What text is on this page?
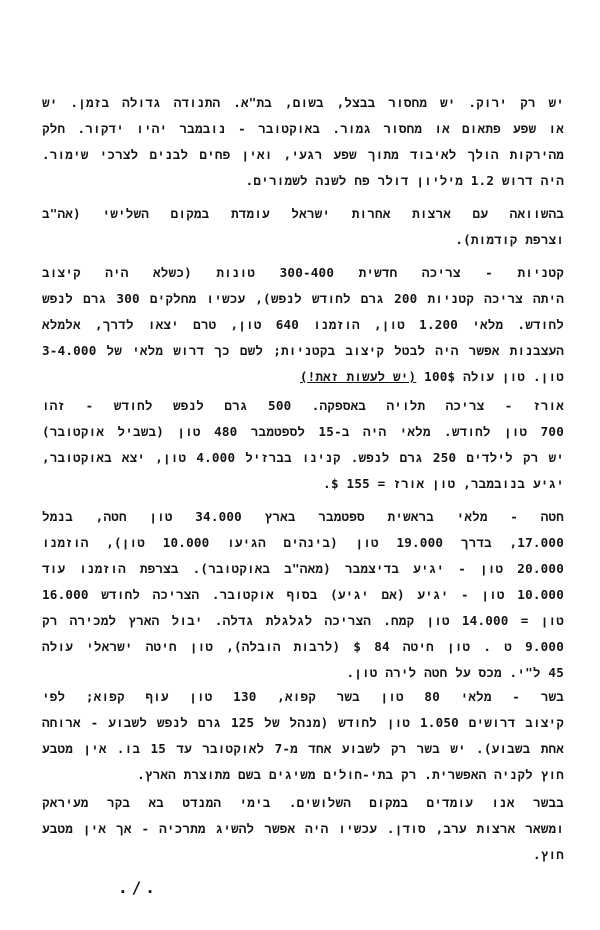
יש רק ירוק. יש מחסור בבצל, בשום, בת"א. התנודה גדולה בזמן. יש
או שפע פתאום או מחסור גמור. באוקטובר - נובמבר יהיו ידקור. חלק
מהירקות הולך לאיבוד מתוך שפע רגעי, ואין פחים לבנים לצרכי שימור.
היה דרוש 1.2 מיליון דולר פח לשנה לשמורים.
בהשוואה עם ארצות אחרות ישראל עומדת במקום השלישי (אה"ב
וצרפת קודמות).
קטניות - צריכה חדשית 300-400 טונות (כשלא היה קיצוב
היתה צריכה קטניות 200 גרם לחודש לנפש), עכשיו מחלקים 300 גרם לנפש
לחודש. מלאי 1.200 טון, הוזמנו 640 טון, טרם יצאו לדרך, אלמלא
העצבנות אפשר היה לבטל קיצוב בקטניות; לשם כך דרוש מלאי של 3-4.000
טון. טון עולה 100$ (יש לעשות זאת!)
אורז - צריכה תלויה באספקה. 500 גרם לנפש לחודש - זהו
700 טון לחודש. מלאי היה ב-15 לספטמבר 480 טון (בשביל אוקטובר)
יש רק לילדים 250 גרם לנפש. קנינו בברזיל 4.000 טון, יצא באוקטובר,
יגיע בנובמבר, טון אורז = 155 $.
חטה - מלאי בראשית ספטמבר בארץ 34.000 טון חטה, בנמל
17.000, בדרך 19.000 טון (בינהים הגיעו 10.000 טון), הוזמנו
20.000 טון - יגיע בדיצמבר (מאה"ב באוקטובר). בצרפת הוזמנו עוד
10.000 טון - יגיע (אם יגיע) בסוף אוקטובר. הצריכה לחודש 16.000
טון = 14.000 טון קמח. הצריכה לגלגלת גדלה. יבול הארץ למכירה רק
9.000 ט . טון חיטה 84 $ (לרבות הובלה), טון חיטה ישראלי עולה
45 ל"י. מכס על חטה לירה טון.
בשר - מלאי 80 טון בשר קפוא, 130 טון עוף קפוא; לפי
קיצוב דרושים 1.050 טון לחודש (מנהל של 125 גרם לנפש לשבוע - ארוחה
אחת בשבוע). יש בשר רק לשבוע אחד מ-7 לאוקטובר עד 15 בו. אין מטבע
חוץ לקניה האפשרית. רק בתי-חולים משיגים בשם מתוצרת הארץ.
בבשר אנו עומדים במקום השלושים. בימי המנדט בא בקר מעיראק
ומשאר ארצות ערב, סודן. עכשיו היה אפשר להשיג מתרכיה - אך אין מטבע
חוץ.
./.
